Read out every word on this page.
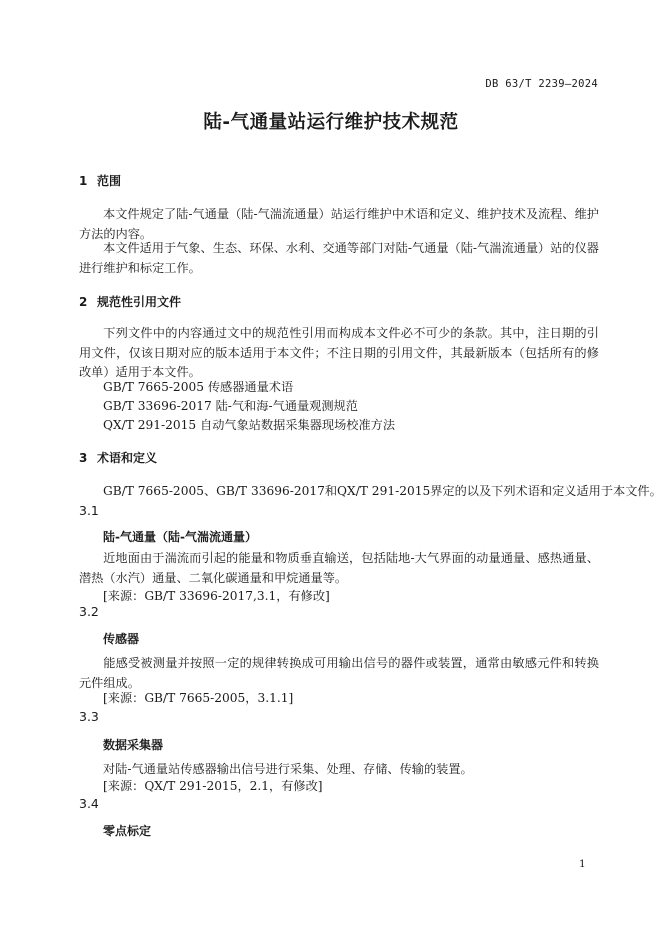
DB 63/T 2239—2024
陆-气通量站运行维护技术规范
1 范围
本文件规定了陆-气通量（陆-气湍流通量）站运行维护中术语和定义、维护技术及流程、维护方法的内容。
本文件适用于气象、生态、环保、水利、交通等部门对陆-气通量（陆-气湍流通量）站的仪器进行维护和标定工作。
2 规范性引用文件
下列文件中的内容通过文中的规范性引用而构成本文件必不可少的条款。其中，注日期的引用文件，仅该日期对应的版本适用于本文件；不注日期的引用文件，其最新版本（包括所有的修改单）适用于本文件。
GB/T 7665-2005 传感器通量术语
GB/T 33696-2017 陆-气和海-气通量观测规范
QX/T 291-2015 自动气象站数据采集器现场校准方法
3 术语和定义
GB/T 7665-2005、GB/T 33696-2017和QX/T 291-2015界定的以及下列术语和定义适用于本文件。
3.1
陆-气通量（陆-气湍流通量）
近地面由于湍流而引起的能量和物质垂直输送，包括陆地-大气界面的动量通量、感热通量、潜热（水汽）通量、二氧化碳通量和甲烷通量等。
[来源：GB/T 33696-2017,3.1，有修改]
3.2
传感器
能感受被测量并按照一定的规律转换成可用输出信号的器件或装置，通常由敏感元件和转换元件组成。
[来源：GB/T 7665-2005，3.1.1]
3.3
数据采集器
对陆-气通量站传感器输出信号进行采集、处理、存储、传输的装置。
[来源：QX/T 291-2015，2.1，有修改]
3.4
零点标定
1
